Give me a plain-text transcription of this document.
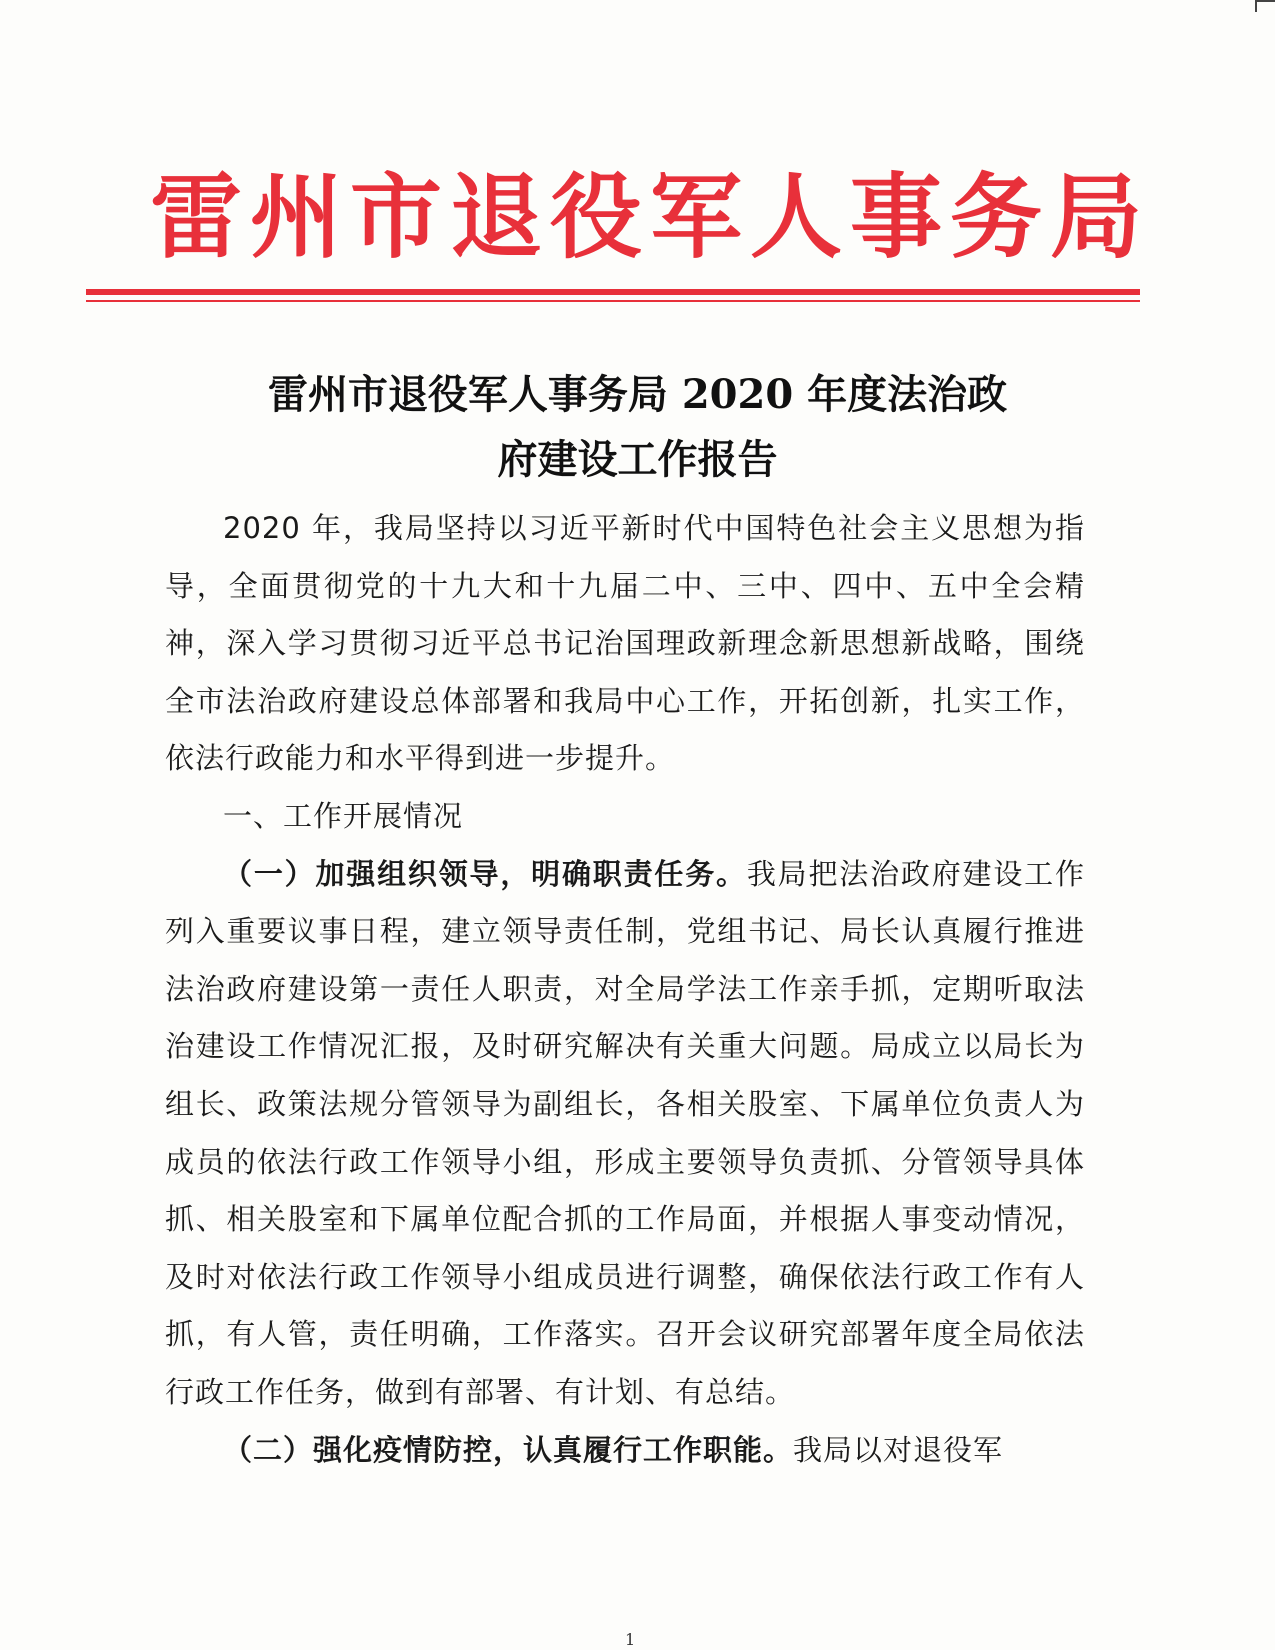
雷州市退役军人事务局
雷州市退役军人事务局 2020 年度法治政
府建设工作报告

2020 年，我局坚持以习近平新时代中国特色社会主义思想为指导，全面贯彻党的十九大和十九届二中、三中、四中、五中全会精神，深入学习贯彻习近平总书记治国理政新理念新思想新战略，围绕全市法治政府建设总体部署和我局中心工作，开拓创新，扎实工作，依法行政能力和水平得到进一步提升。

一、工作开展情况

（一）加强组织领导，明确职责任务。我局把法治政府建设工作列入重要议事日程，建立领导责任制，党组书记、局长认真履行推进法治政府建设第一责任人职责，对全局学法工作亲手抓，定期听取法治建设工作情况汇报，及时研究解决有关重大问题。局成立以局长为组长、政策法规分管领导为副组长，各相关股室、下属单位负责人为成员的依法行政工作领导小组，形成主要领导负责抓、分管领导具体抓、相关股室和下属单位配合抓的工作局面，并根据人事变动情况，及时对依法行政工作领导小组成员进行调整，确保依法行政工作有人抓，有人管，责任明确，工作落实。召开会议研究部署年度全局依法行政工作任务，做到有部署、有计划、有总结。

（二）强化疫情防控，认真履行工作职能。我局以对退役军

1
